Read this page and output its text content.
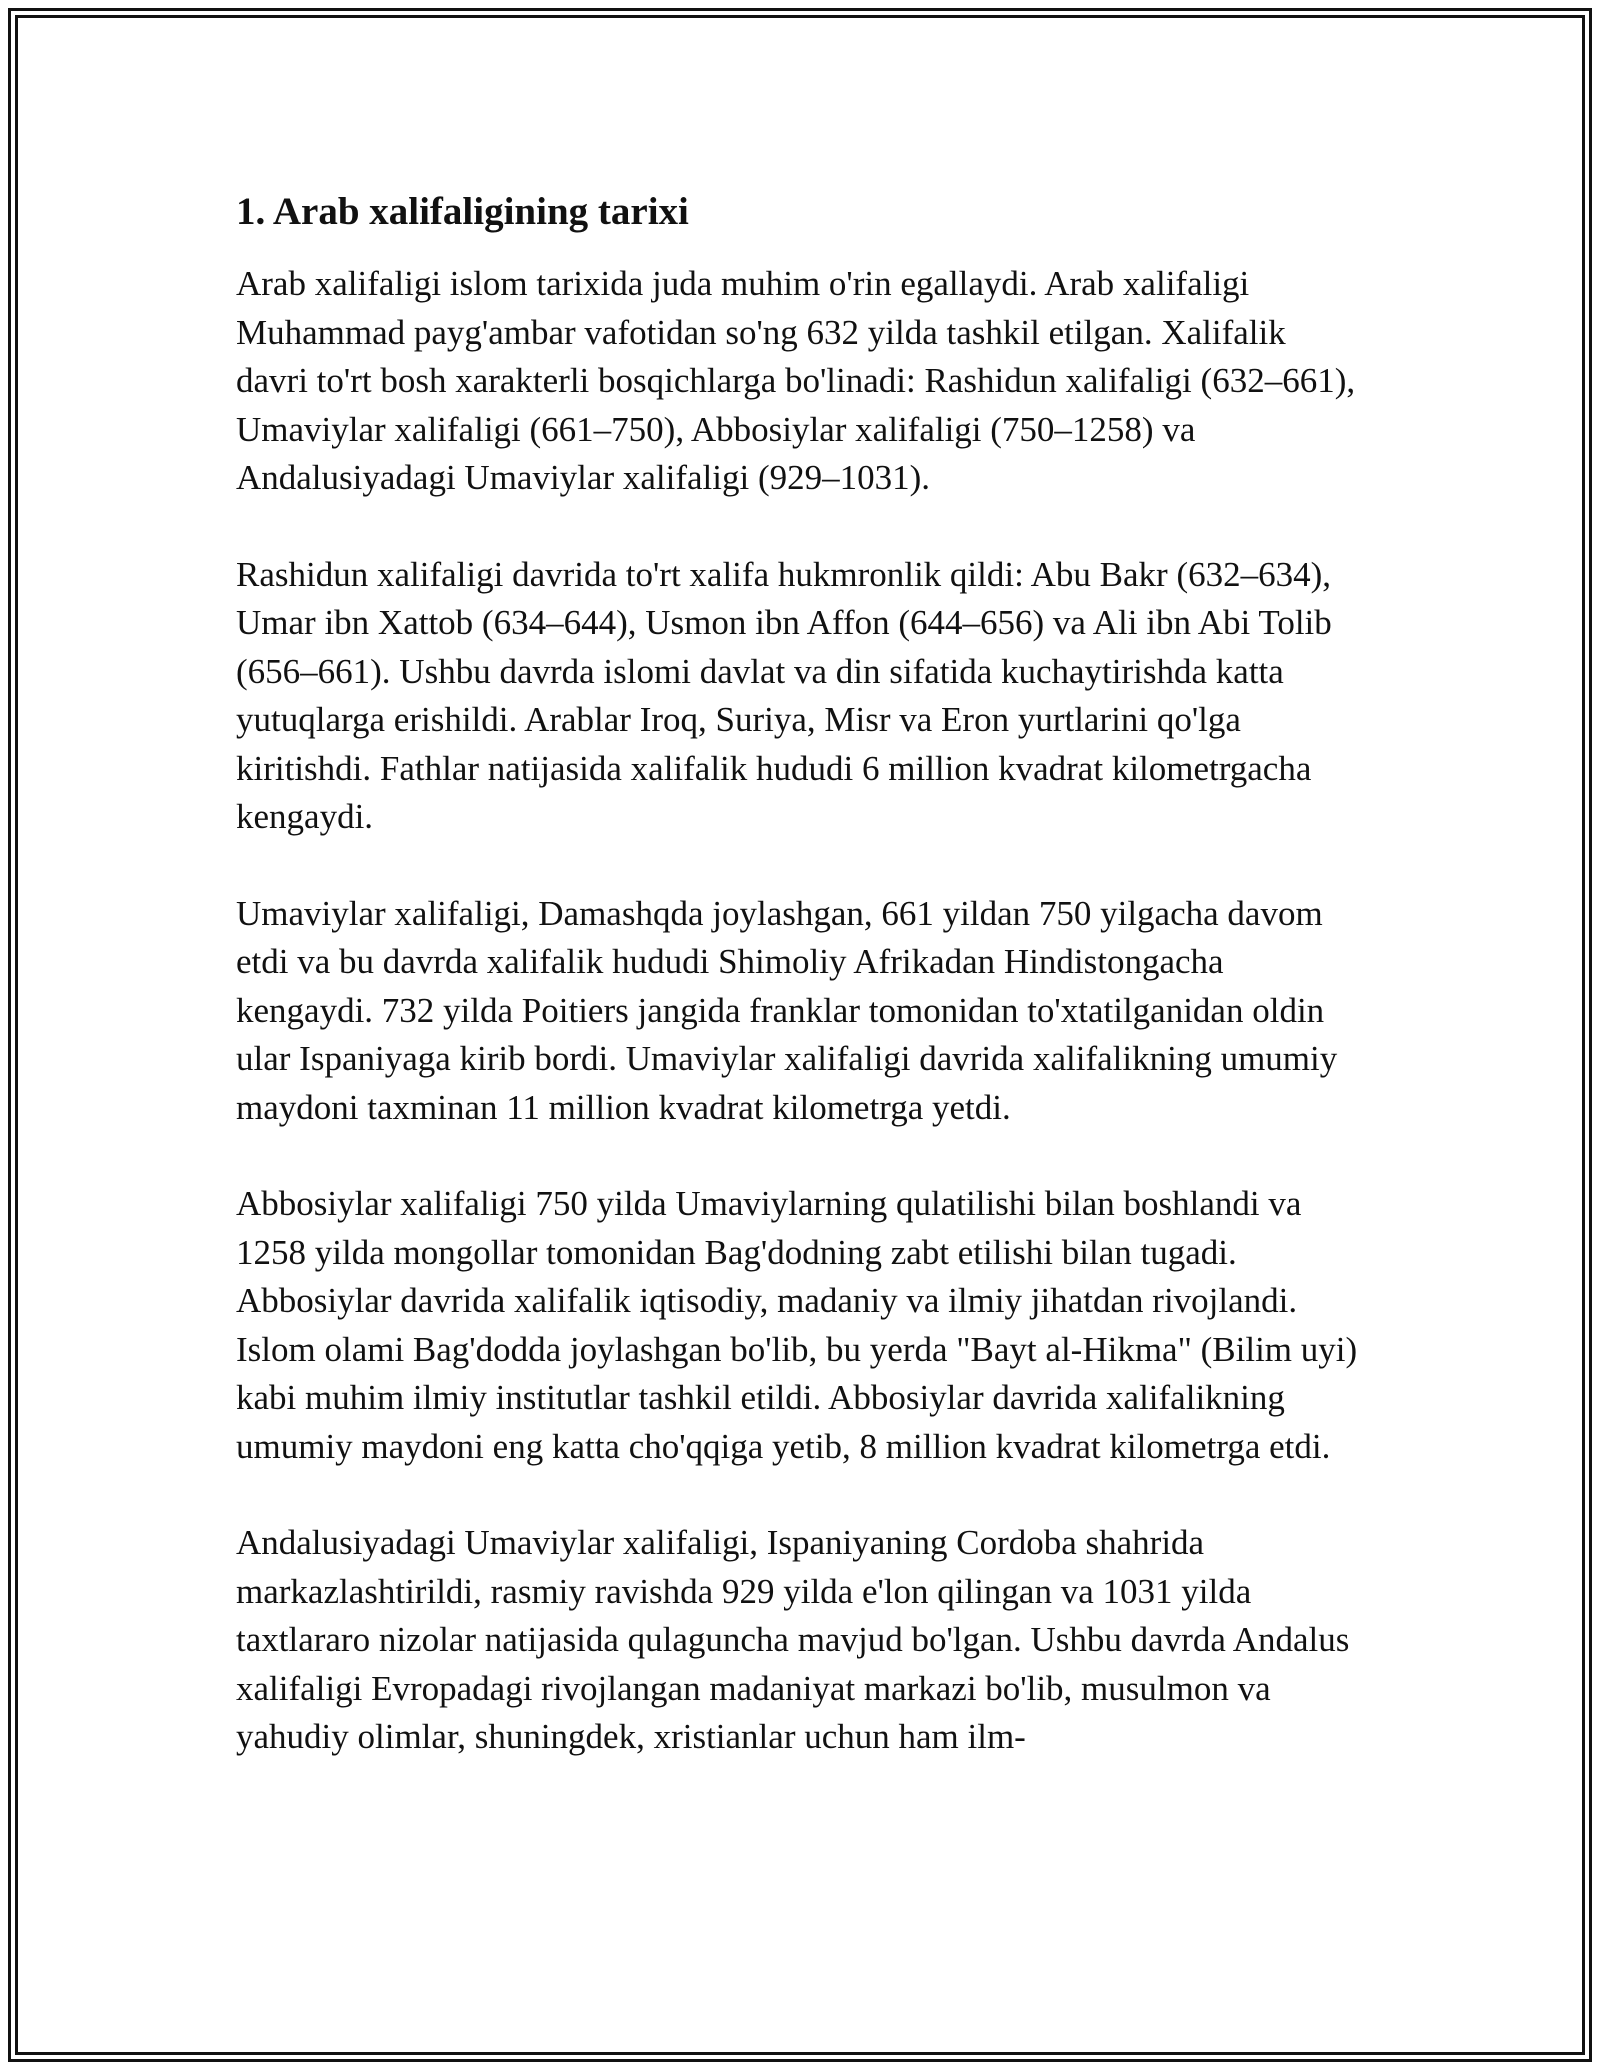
1. Arab xalifaligining tarixi

Arab xalifaligi islom tarixida juda muhim o'rin egallaydi. Arab xalifaligi Muhammad payg'ambar vafotidan so'ng 632 yilda tashkil etilgan. Xalifalik davri to'rt bosh xarakterli bosqichlarga bo'linadi: Rashidun xalifaligi (632–661), Umaviylar xalifaligi (661–750), Abbosiylar xalifaligi (750–1258) va Andalusiyadagi Umaviylar xalifaligi (929–1031).

Rashidun xalifaligi davrida to'rt xalifa hukmronlik qildi: Abu Bakr (632–634), Umar ibn Xattob (634–644), Usmon ibn Affon (644–656) va Ali ibn Abi Tolib (656–661). Ushbu davrda islomi davlat va din sifatida kuchaytirishda katta yutuqlarga erishildi. Arablar Iroq, Suriya, Misr va Eron yurtlarini qo'lga kiritishdi. Fathlar natijasida xalifalik hududi 6 million kvadrat kilometrgacha kengaydi.

Umaviylar xalifaligi, Damashqda joylashgan, 661 yildan 750 yilgacha davom etdi va bu davrda xalifalik hududi Shimoliy Afrikadan Hindistongacha kengaydi. 732 yilda Poitiers jangida franklar tomonidan to'xtatilganidan oldin ular Ispaniyaga kirib bordi. Umaviylar xalifaligi davrida xalifalikning umumiy maydoni taxminan 11 million kvadrat kilometrga yetdi.

Abbosiylar xalifaligi 750 yilda Umaviylarning qulatilishi bilan boshlandi va 1258 yilda mongollar tomonidan Bag'dodning zabt etilishi bilan tugadi. Abbosiylar davrida xalifalik iqtisodiy, madaniy va ilmiy jihatdan rivojlandi. Islom olami Bag'dodda joylashgan bo'lib, bu yerda "Bayt al-Hikma" (Bilim uyi) kabi muhim ilmiy institutlar tashkil etildi. Abbosiylar davrida xalifalikning umumiy maydoni eng katta cho'qqiga yetib, 8 million kvadrat kilometrga etdi.

Andalusiyadagi Umaviylar xalifaligi, Ispaniyaning Cordoba shahrida markazlashtirildi, rasmiy ravishda 929 yilda e'lon qilingan va 1031 yilda taxtlararo nizolar natijasida qulaguncha mavjud bo'lgan. Ushbu davrda Andalus xalifaligi Evropadagi rivojlangan madaniyat markazi bo'lib, musulmon va yahudiy olimlar, shuningdek, xristianlar uchun ham ilm-
